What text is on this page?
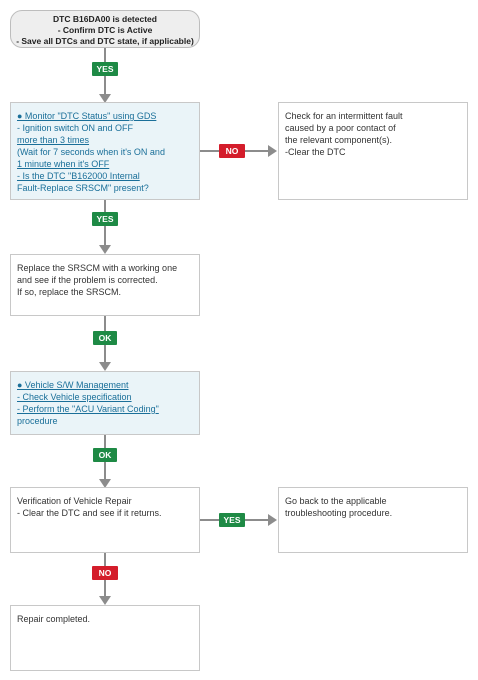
DTC B16DA00 is detected
- Confirm DTC is Active
- Save all DTCs and DTC state, if applicable)
YES
● Monitor "DTC Status" using GDS
- Ignition switch ON and OFF
more than 3 times
(Wait for 7 seconds when it's ON and
1 minute when it's OFF
- Is the DTC "B162000 Internal
Fault-Replace SRSCM" present?
NO
Check for an intermittent fault
caused by a poor contact of
the relevant component(s).
-Clear the DTC
YES
Replace the SRSCM with a working one
and see if the problem is corrected.
If so, replace the SRSCM.
OK
● Vehicle S/W Management
- Check Vehicle specification
- Perform the "ACU Variant Coding"
procedure
OK
Verification of Vehicle Repair
- Clear the DTC and see if it returns.
YES
Go back to the applicable
troubleshooting procedure.
NO
Repair completed.
